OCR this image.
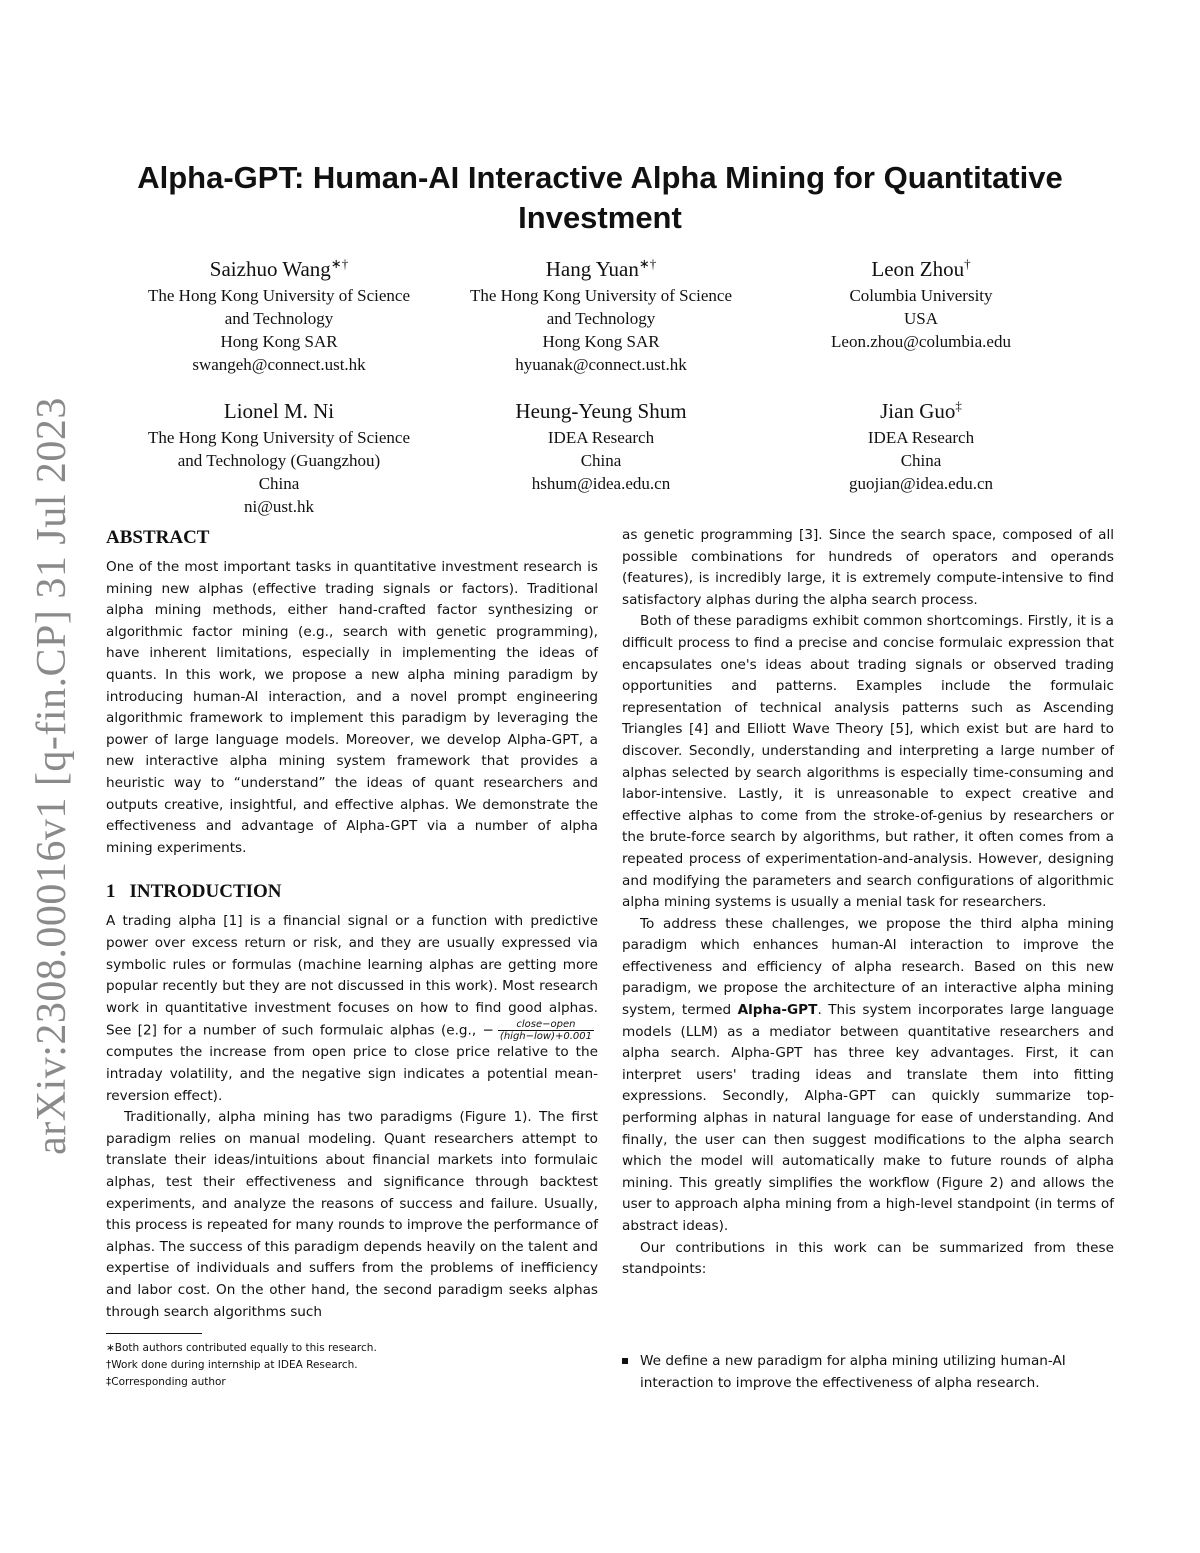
arXiv:2308.00016v1 [q-fin.CP] 31 Jul 2023
Alpha-GPT: Human-AI Interactive Alpha Mining for Quantitative Investment
Saizhuo Wang∗†
The Hong Kong University of Science
and Technology
Hong Kong SAR
swangeh@connect.ust.hk
Hang Yuan∗†
The Hong Kong University of Science
and Technology
Hong Kong SAR
hyuanak@connect.ust.hk
Leon Zhou†
Columbia University
USA
Leon.zhou@columbia.edu
Lionel M. Ni
The Hong Kong University of Science
and Technology (Guangzhou)
China
ni@ust.hk
Heung-Yeung Shum
IDEA Research
China
hshum@idea.edu.cn
Jian Guo‡
IDEA Research
China
guojian@idea.edu.cn
ABSTRACT

One of the most important tasks in quantitative investment research is mining new alphas (effective trading signals or factors). Traditional alpha mining methods, either hand-crafted factor synthesizing or algorithmic factor mining (e.g., search with genetic programming), have inherent limitations, especially in implementing the ideas of quants. In this work, we propose a new alpha mining paradigm by introducing human-AI interaction, and a novel prompt engineering algorithmic framework to implement this paradigm by leveraging the power of large language models. Moreover, we develop Alpha-GPT, a new interactive alpha mining system framework that provides a heuristic way to “understand” the ideas of quant researchers and outputs creative, insightful, and effective alphas. We demonstrate the effectiveness and advantage of Alpha-GPT via a number of alpha mining experiments.

1 INTRODUCTION

A trading alpha [1] is a financial signal or a function with predictive power over excess return or risk, and they are usually expressed via symbolic rules or formulas (machine learning alphas are getting more popular recently but they are not discussed in this work). Most research work in quantitative investment focuses on how to find good alphas. See [2] for a number of such formulaic alphas (e.g., − $\frac{\text{close−open}}{\text{(high−low)+0.001}}$
computes the increase from open price to close price relative to the intraday volatility, and the negative sign indicates a potential mean-reversion effect).

Traditionally, alpha mining has two paradigms (Figure 1). The first paradigm relies on manual modeling. Quant researchers attempt to translate their ideas/intuitions about financial markets into formulaic alphas, test their effectiveness and significance through backtest experiments, and analyze the reasons of success and failure. Usually, this process is repeated for many rounds to improve the performance of alphas. The success of this paradigm depends heavily on the talent and expertise of individuals and suffers from the problems of inefficiency and labor cost. On the other hand, the second paradigm seeks alphas through search algorithms such

as genetic programming [3]. Since the search space, composed of all possible combinations for hundreds of operators and operands (features), is incredibly large, it is extremely compute-intensive to find satisfactory alphas during the alpha search process.

Both of these paradigms exhibit common shortcomings. Firstly, it is a difficult process to find a precise and concise formulaic expression that encapsulates one's ideas about trading signals or observed trading opportunities and patterns. Examples include the formulaic representation of technical analysis patterns such as Ascending Triangles [4] and Elliott Wave Theory [5], which exist but are hard to discover. Secondly, understanding and interpreting a large number of alphas selected by search algorithms is especially time-consuming and labor-intensive. Lastly, it is unreasonable to expect creative and effective alphas to come from the stroke-of-genius by researchers or the brute-force search by algorithms, but rather, it often comes from a repeated process of experimentation-and-analysis. However, designing and modifying the parameters and search configurations of algorithmic alpha mining systems is usually a menial task for researchers.

To address these challenges, we propose the third alpha mining paradigm which enhances human-AI interaction to improve the effectiveness and efficiency of alpha research. Based on this new paradigm, we propose the architecture of an interactive alpha mining system, termed Alpha-GPT. This system incorporates large language models (LLM) as a mediator between quantitative researchers and alpha search. Alpha-GPT has three key advantages. First, it can interpret users' trading ideas and translate them into fitting expressions. Secondly, Alpha-GPT can quickly summarize top-performing alphas in natural language for ease of understanding. And finally, the user can then suggest modifications to the alpha search which the model will automatically make to future rounds of alpha mining. This greatly simplifies the workflow (Figure 2) and allows the user to approach alpha mining from a high-level standpoint (in terms of abstract ideas).

Our contributions in this work can be summarized from these standpoints:

We define a new paradigm for alpha mining utilizing human-AI interaction to improve the effectiveness of alpha research.
∗Both authors contributed equally to this research.
†Work done during internship at IDEA Research.
‡Corresponding author
